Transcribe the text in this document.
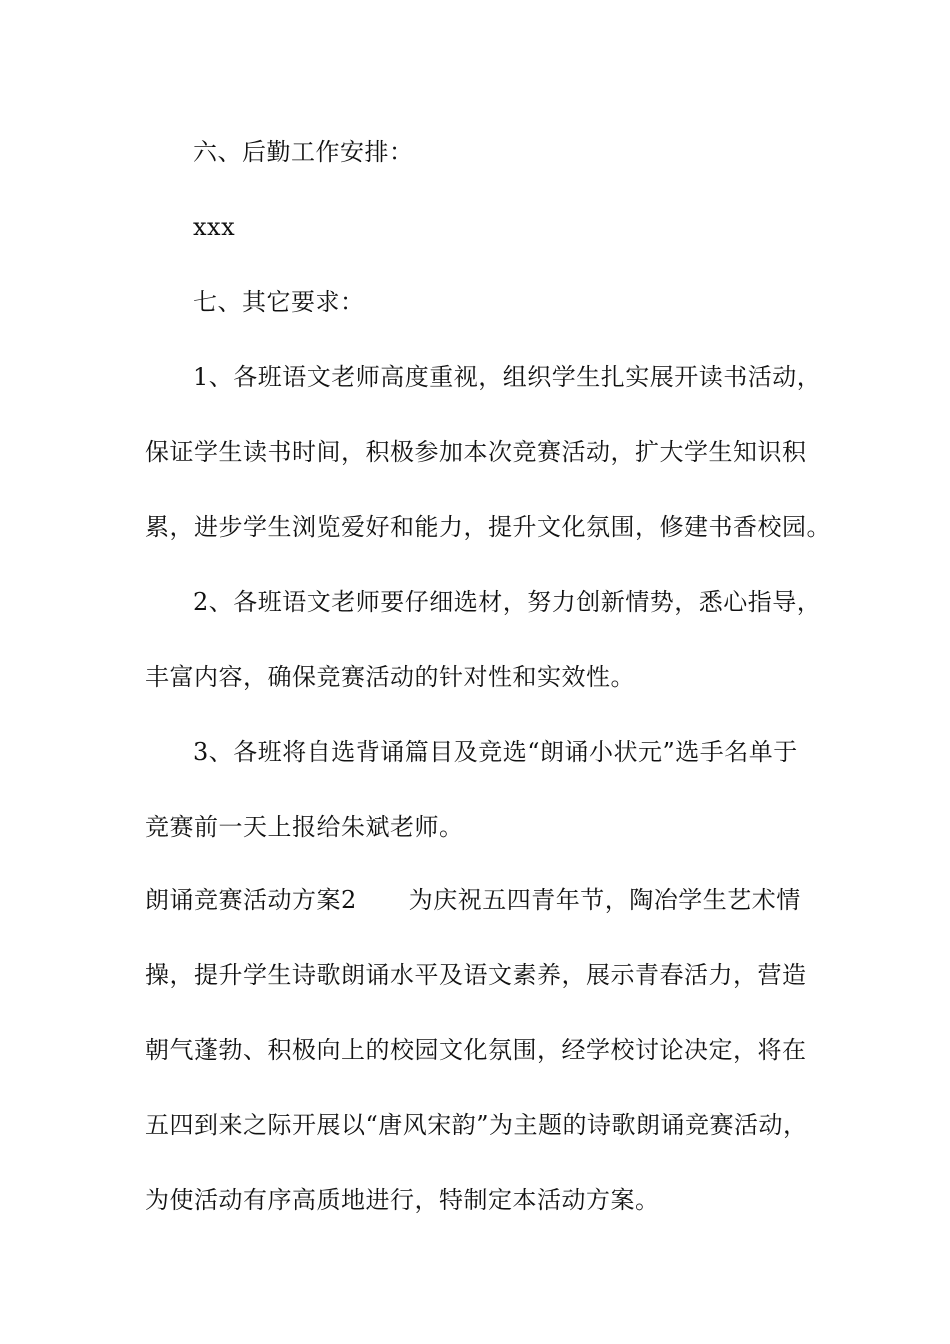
六、后勤工作安排：
xxx
七、其它要求：
1、各班语文老师高度重视，组织学生扎实展开读书活动，
保证学生读书时间，积极参加本次竞赛活动，扩大学生知识积
累，进步学生浏览爱好和能力，提升文化氛围，修建书香校园。
2、各班语文老师要仔细选材，努力创新情势，悉心指导，
丰富内容，确保竞赛活动的针对性和实效性。
3、各班将自选背诵篇目及竞选“朗诵小状元”选手名单于
竞赛前一天上报给朱斌老师。
朗诵竞赛活动方案2 为庆祝五四青年节，陶冶学生艺术情
操，提升学生诗歌朗诵水平及语文素养，展示青春活力，营造
朝气蓬勃、积极向上的校园文化氛围，经学校讨论决定，将在
五四到来之际开展以“唐风宋韵”为主题的诗歌朗诵竞赛活动，
为使活动有序高质地进行，特制定本活动方案。
